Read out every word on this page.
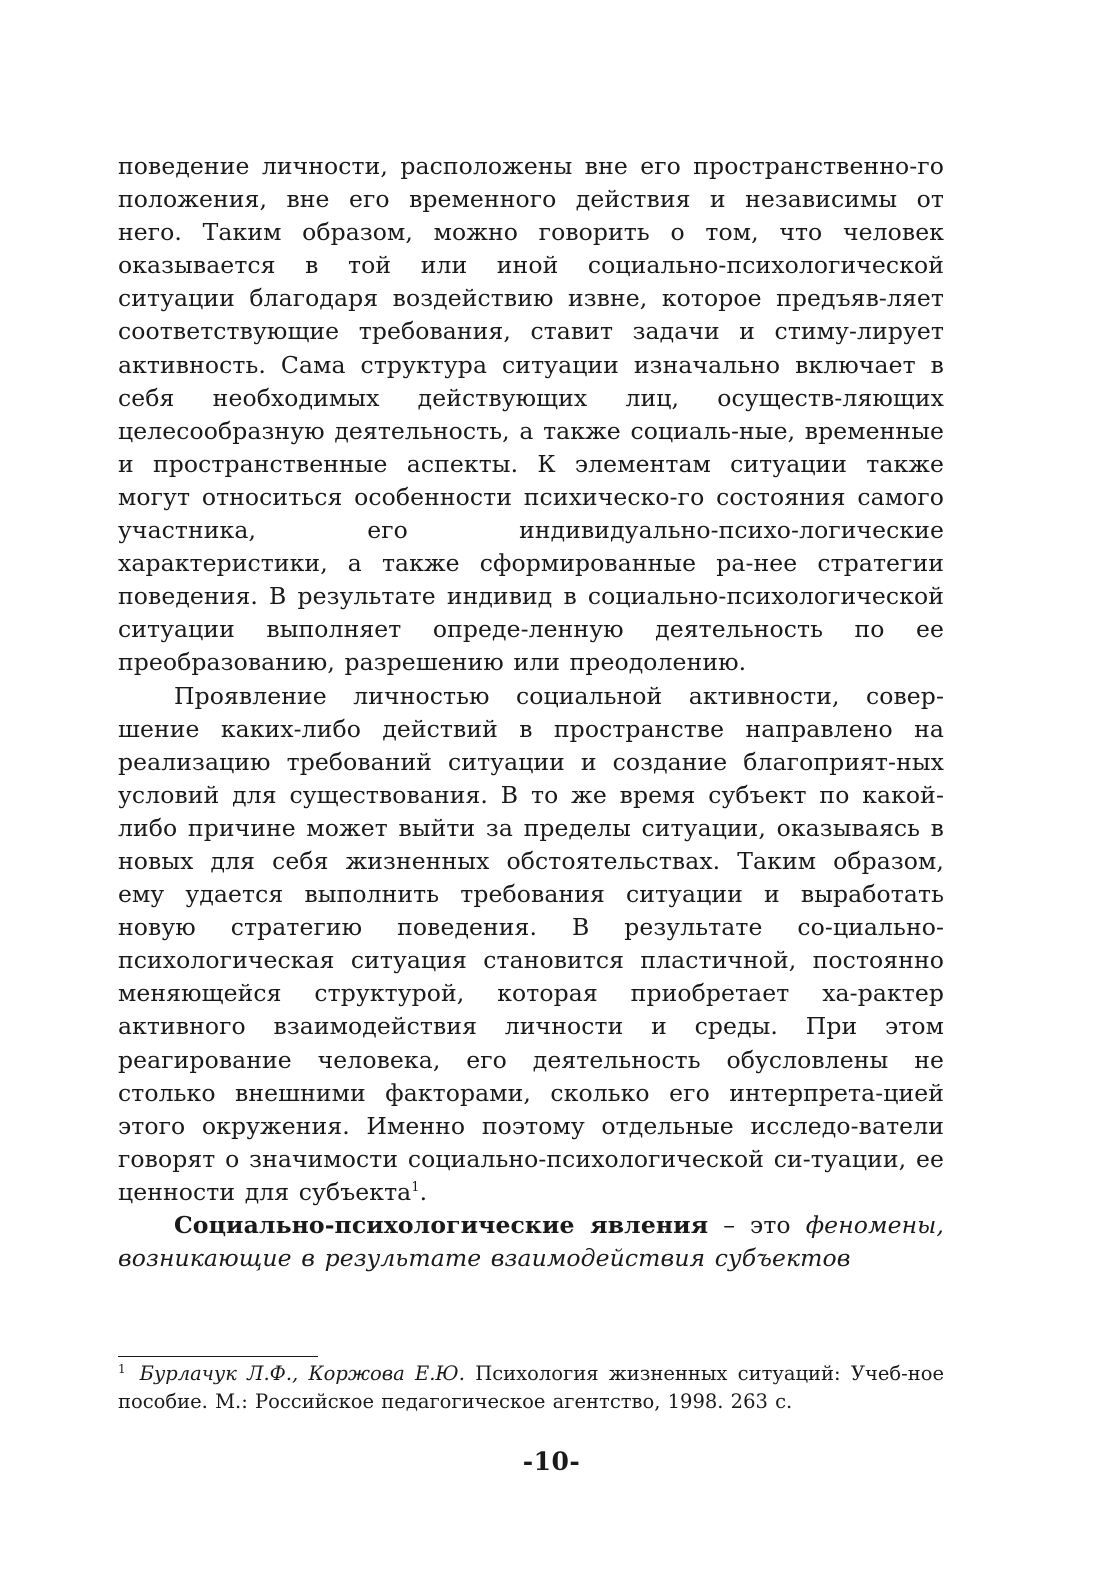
поведение личности, расположены вне его пространственно-го положения, вне его временного действия и независимы от него. Таким образом, можно говорить о том, что человек оказывается в той или иной социально-психологической ситуации благодаря воздействию извне, которое предъяв-ляет соответствующие требования, ставит задачи и стиму-лирует активность. Сама структура ситуации изначально включает в себя необходимых действующих лиц, осуществ-ляющих целесообразную деятельность, а также социаль-ные, временные и пространственные аспекты. К элементам ситуации также могут относиться особенности психическо-го состояния самого участника, его индивидуально-психо-логические характеристики, а также сформированные ра-нее стратегии поведения. В результате индивид в социально-психологической ситуации выполняет опреде-ленную деятельность по ее преобразованию, разрешению или преодолению.

Проявление личностью социальной активности, совер-шение каких-либо действий в пространстве направлено на реализацию требований ситуации и создание благоприят-ных условий для существования. В то же время субъект по какой-либо причине может выйти за пределы ситуации, оказываясь в новых для себя жизненных обстоятельствах. Таким образом, ему удается выполнить требования ситуации и выработать новую стратегию поведения. В результате со-циально-психологическая ситуация становится пластичной, постоянно меняющейся структурой, которая приобретает ха-рактер активного взаимодействия личности и среды. При этом реагирование человека, его деятельность обусловлены не столько внешними факторами, сколько его интерпрета-цией этого окружения. Именно поэтому отдельные исследо-ватели говорят о значимости социально-психологической си-туации, ее ценности для субъекта$^1$.

Социально-психологические явления – это феномены, возникающие в результате взаимодействия субъектов

$^1$ Бурлачук Л.Ф., Коржова Е.Ю. Психология жизненных ситуаций: Учеб-ное пособие. М.: Российское педагогическое агентство, 1998. 263 с.
-10-
